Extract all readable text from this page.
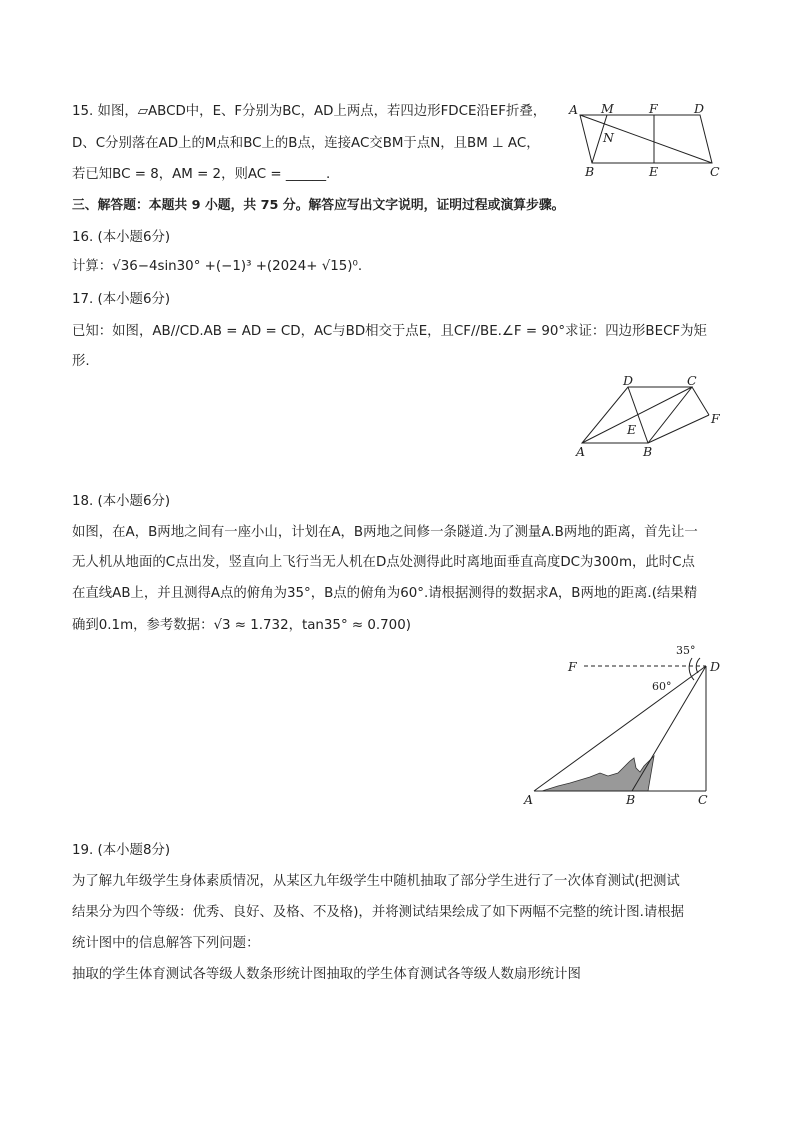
15. 如图，▱ABCD中，E、F分别为BC，AD上两点，若四边形FDCE沿EF折叠，
D、C分别落在AD上的M点和BC上的B点，连接AC交BM于点N，且BM ⊥ AC，
若已知BC = 8，AM = 2，则AC = ______.
A M	F	D
N
B	E	C
三、解答题：本题共 9 小题，共 75 分。解答应写出文字说明，证明过程或演算步骤。
16. (本小题6分)
计算：√36−4sin30° +(−1)³ +(2024+ √15)⁰.
17. (本小题6分)
已知：如图，AB//CD.AB = AD = CD，AC与BD相交于点E，且CF//BE.∠F = 90°求证：四边形BECF为矩
形.
D	C
F
E
A	B
18. (本小题6分)
如图，在A，B两地之间有一座小山，计划在A，B两地之间修一条隧道.为了测量A.B两地的距离，首先让一
无人机从地面的C点出发，竖直向上飞行当无人机在D点处测得此时离地面垂直高度DC为300m，此时C点
在直线AB上，并且测得A点的俯角为35°，B点的俯角为60°.请根据测得的数据求A，B两地的距离.(结果精
确到0.1m，参考数据：√3 ≈ 1.732，tan35° ≈ 0.700)
F	D
A	B	C
35°
60°
19. (本小题8分)
为了解九年级学生身体素质情况，从某区九年级学生中随机抽取了部分学生进行了一次体育测试(把测试
结果分为四个等级：优秀、良好、及格、不及格)，并将测试结果绘成了如下两幅不完整的统计图.请根据
统计图中的信息解答下列问题：
抽取的学生体育测试各等级人数条形统计图抽取的学生体育测试各等级人数扇形统计图
